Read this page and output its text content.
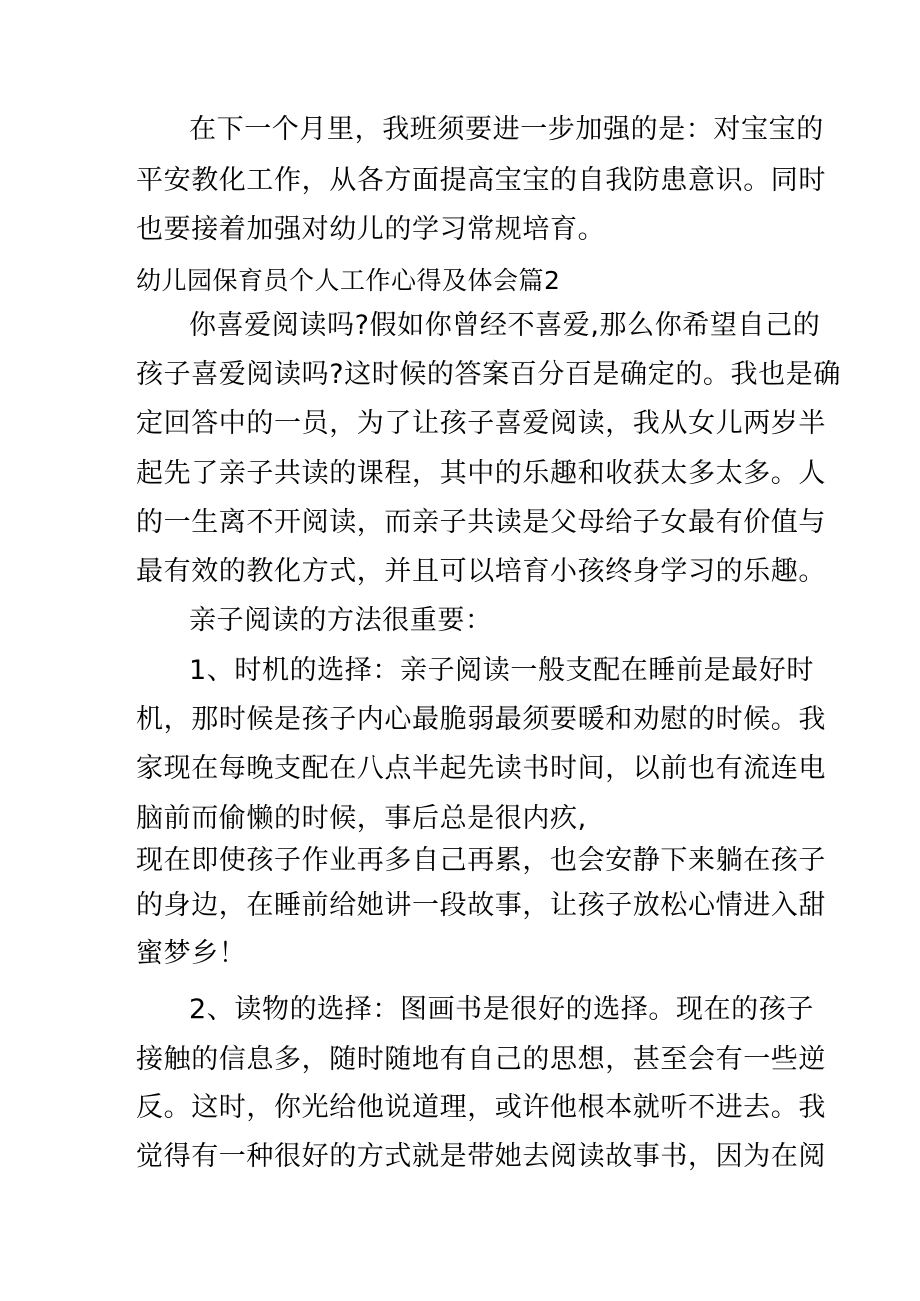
在下一个月里，我班须要进一步加强的是：对宝宝的
平安教化工作，从各方面提高宝宝的自我防患意识。同时
也要接着加强对幼儿的学习常规培育。
幼儿园保育员个人工作心得及体会篇2
你喜爱阅读吗?假如你曾经不喜爱,那么你希望自己的
孩子喜爱阅读吗?这时候的答案百分百是确定的。我也是确
定回答中的一员，为了让孩子喜爱阅读，我从女儿两岁半
起先了亲子共读的课程，其中的乐趣和收获太多太多。人
的一生离不开阅读，而亲子共读是父母给子女最有价值与
最有效的教化方式，并且可以培育小孩终身学习的乐趣。
亲子阅读的方法很重要：
1、时机的选择：亲子阅读一般支配在睡前是最好时
机，那时候是孩子内心最脆弱最须要暖和劝慰的时候。我
家现在每晚支配在八点半起先读书时间，以前也有流连电
脑前而偷懒的时候，事后总是很内疚,
现在即使孩子作业再多自己再累，也会安静下来躺在孩子
的身边，在睡前给她讲一段故事，让孩子放松心情进入甜
蜜梦乡！
2、读物的选择：图画书是很好的选择。现在的孩子
接触的信息多，随时随地有自己的思想，甚至会有一些逆
反。这时，你光给他说道理，或许他根本就听不进去。我
觉得有一种很好的方式就是带她去阅读故事书，因为在阅
